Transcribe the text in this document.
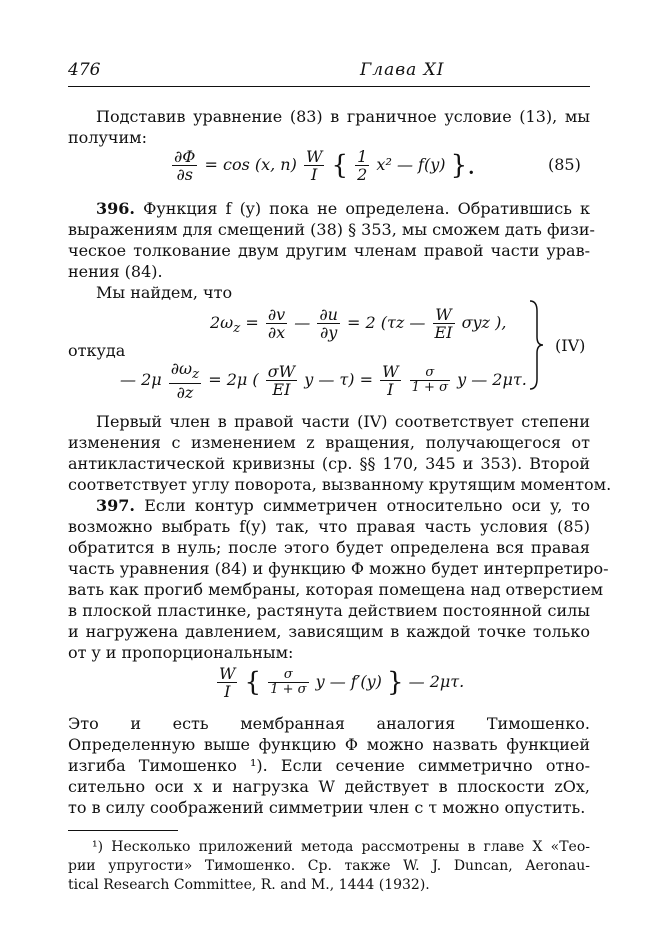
476	Глава XI
Подставив уравнение (83) в граничное условие (13), мы
получим:
$\frac{\partial\Phi}{\partial s} = \cos (x$, $n) \frac{W}{I}$ { $\frac{1}{2} x^2$ — f(y) }.	(85)
396. Функция f (y) пока не определена. Обратившись к
выражениям для смещений (38) § 353, мы сможем дать физи-
ческое толкование двум другим членам правой части урав-
нения (84).
Мы найдем, что
$2\omega_z = \frac{\partial v}{\partial x}$ — $\frac{\partial u}{\partial y} = 2$ (τz — $\frac{W}{EI}$ σyz ),
откуда
— $2\mu \frac{\partial\omega_z}{\partial z} = 2\mu$ ( $\frac{\sigma W}{EI}$ y — $\tau) = \frac{W}{I}$
$\frac{\sigma}{1 + \sigma}$ y — 2μτ.
(IV)
Первый член в правой части (IV) соответствует степени
изменения с изменением z вращения, получающегося от
антикластической кривизны (ср. §§ 170, 345 и 353). Второй
соответствует углу поворота, вызванному крутящим моментом.
397. Если контур симметричен относительно оси y, то
возможно выбрать f(y) так, что правая часть условия (85)
обратится в нуль; после этого будет определена вся правая
часть уравнения (84) и функцию Φ можно будет интерпретиро-
вать как прогиб мембраны, которая помещена над отверстием
в плоской пластинке, растянута действием постоянной силы
и нагружена давлением, зависящим в каждой точке только
от y и пропорциональным:
$\frac{W}{I}$ { $\frac{\sigma}{1 + \sigma}$ y — f′(y) } — 2μτ.
Это и есть мембранная аналогия Тимошенко.
Определенную выше функцию Φ можно назвать функцией
изгиба Тимошенко ¹). Если сечение симметрично отно-
сительно оси x и нагрузка W действует в плоскости zOx,
то в силу соображений симметрии член с τ можно опустить.
¹) Несколько приложений метода рассмотрены в главе X «Тео-
рии упругости» Тимошенко. Ср. также W. J. Duncan, Aeronau-
tical Research Committee, R. and M., 1444 (1932).
